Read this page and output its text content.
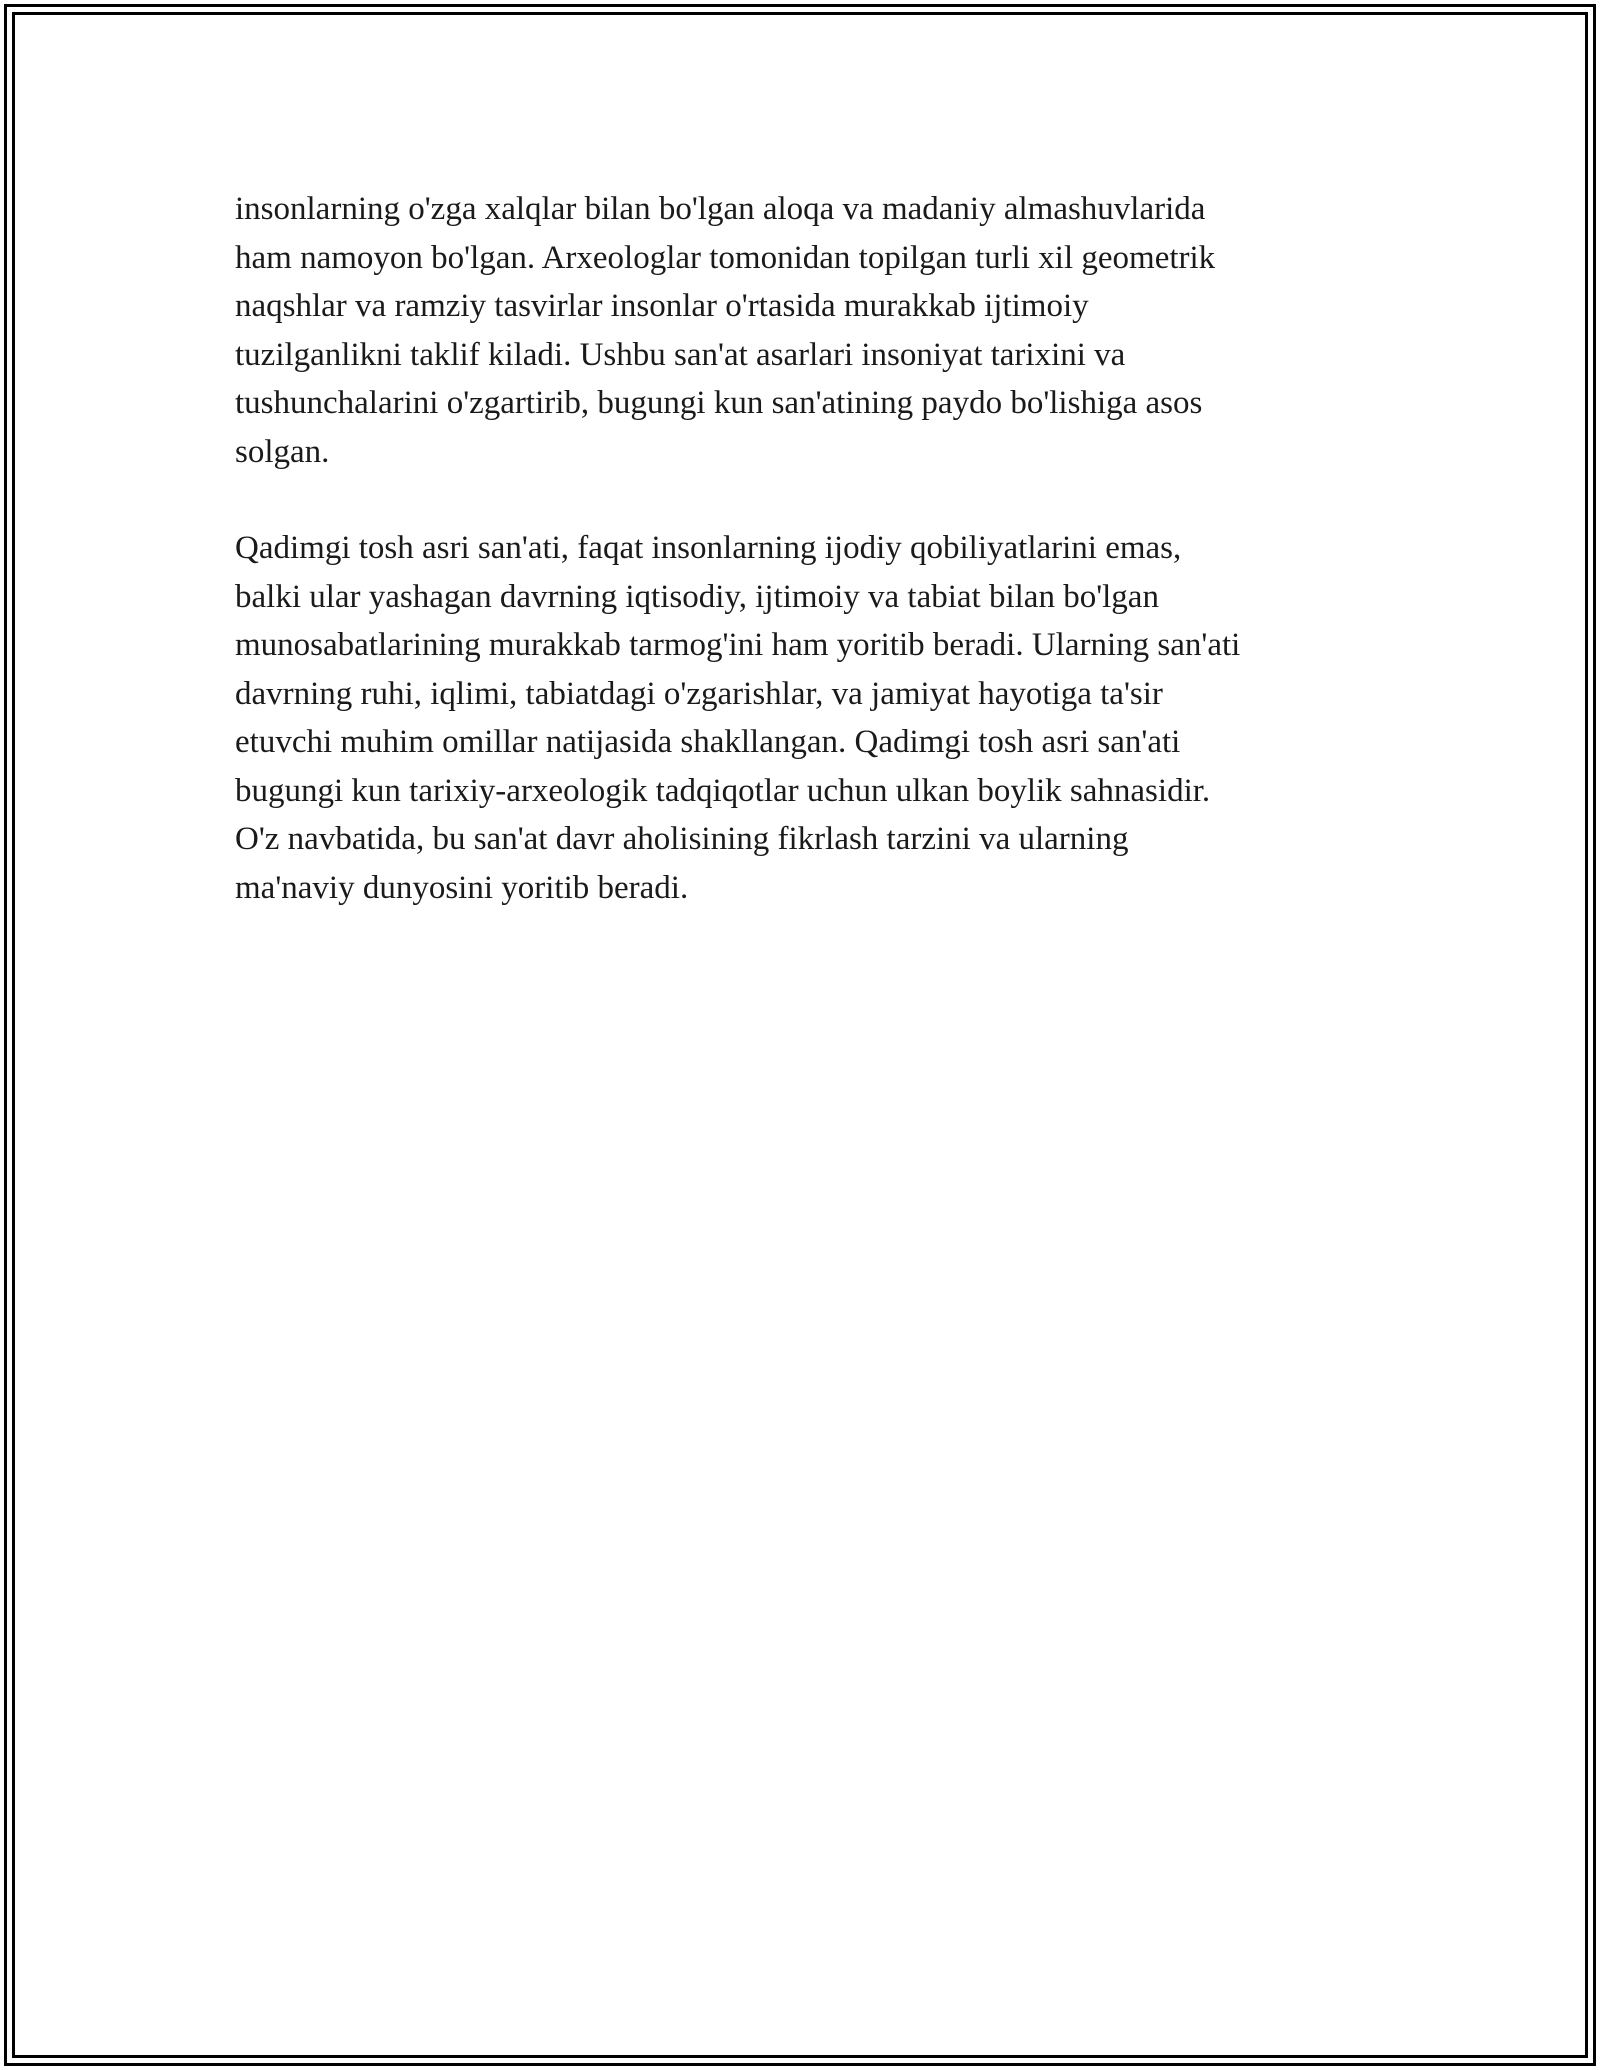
insonlarning o'zga xalqlar bilan bo'lgan aloqa va madaniy almashuvlarida
ham namoyon bo'lgan. Arxeologlar tomonidan topilgan turli xil geometrik
naqshlar va ramziy tasvirlar insonlar o'rtasida murakkab ijtimoiy
tuzilganlikni taklif kiladi. Ushbu san'at asarlari insoniyat tarixini va
tushunchalarini o'zgartirib, bugungi kun san'atining paydo bo'lishiga asos
solgan.

Qadimgi tosh asri san'ati, faqat insonlarning ijodiy qobiliyatlarini emas,
balki ular yashagan davrning iqtisodiy, ijtimoiy va tabiat bilan bo'lgan
munosabatlarining murakkab tarmog'ini ham yoritib beradi. Ularning san'ati
davrning ruhi, iqlimi, tabiatdagi o'zgarishlar, va jamiyat hayotiga ta'sir
etuvchi muhim omillar natijasida shakllangan. Qadimgi tosh asri san'ati
bugungi kun tarixiy-arxeologik tadqiqotlar uchun ulkan boylik sahnasidir.
O'z navbatida, bu san'at davr aholisining fikrlash tarzini va ularning
ma'naviy dunyosini yoritib beradi.
